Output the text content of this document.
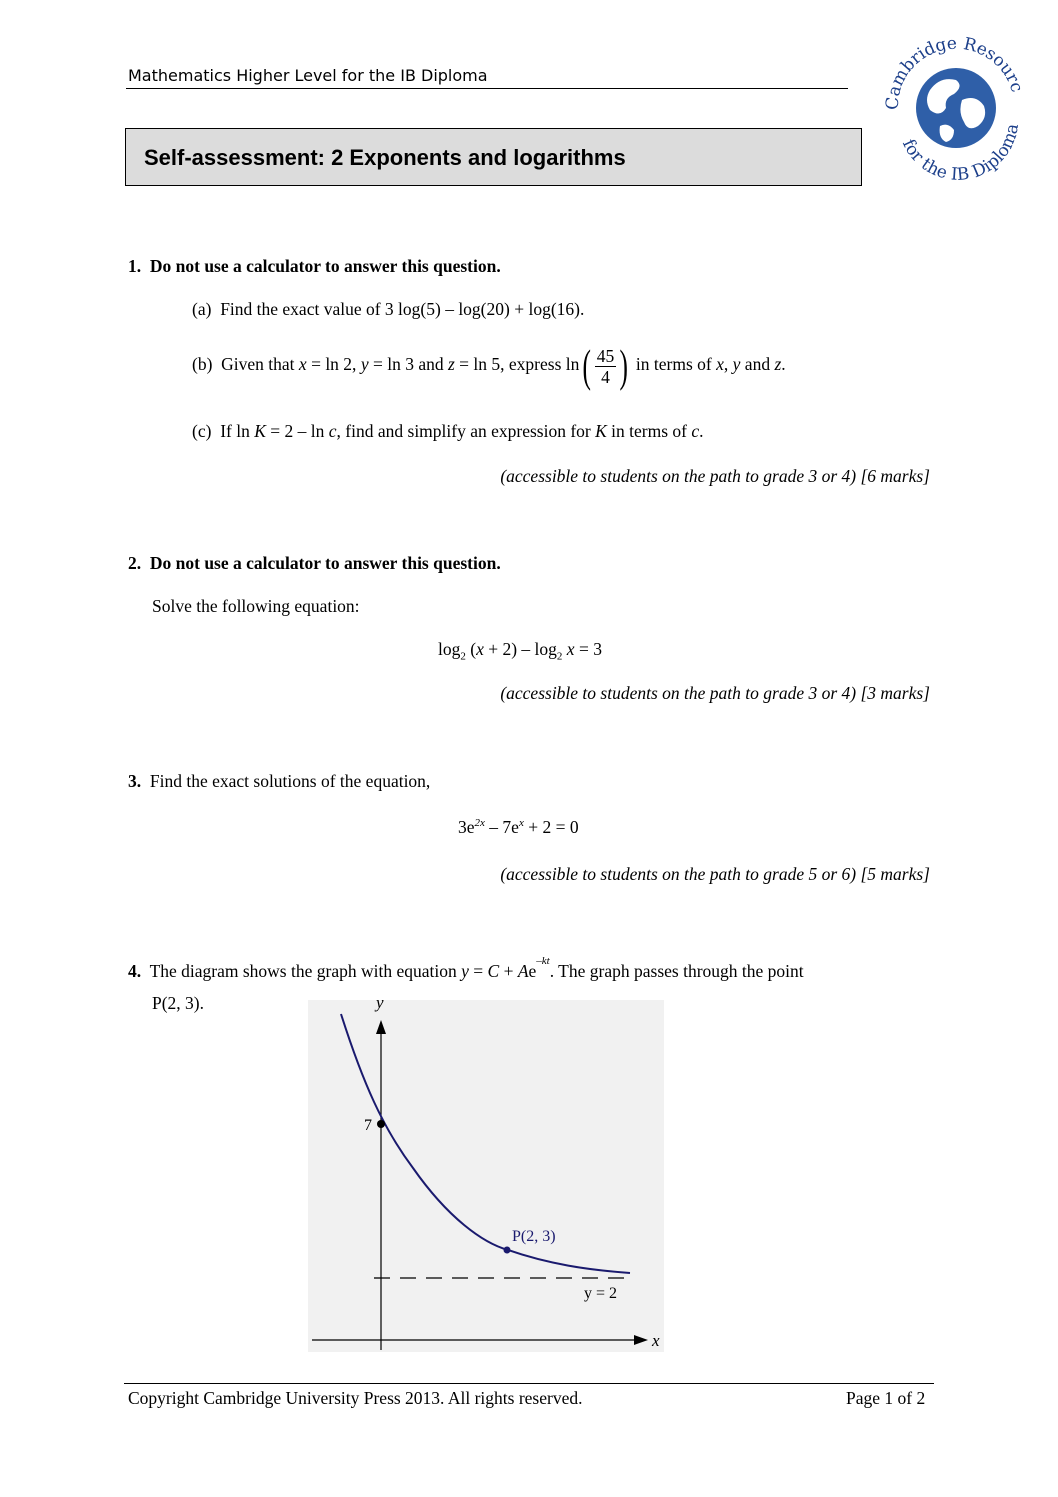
Mathematics Higher Level for the IB Diploma
Cambridge Resourc
for the IB Diploma
Self-assessment: 2 Exponents and logarithms
1. Do not use a calculator to answer this question.
(a) Find the exact value of 3 log(5) – log(20) + log(16).
(b) Given that x = ln 2, y = ln 3 and z = ln 5, express $\ln( \frac{45}{4}$ ) in terms of x, y and z.
(c) If ln K = 2 – ln c, find and simplify an expression for K in terms of c.
(accessible to students on the path to grade 3 or 4) [6 marks]
2. Do not use a calculator to answer this question.
Solve the following equation:
$\log_2 (x + 2) - \log_2 x = 3$
(accessible to students on the path to grade 3 or 4) [3 marks]
3. Find the exact solutions of the equation,
$3e^{2x} - 7e^x + 2 = 0$
(accessible to students on the path to grade 5 or 6) [5 marks]
4. The diagram shows the graph with equation $y = C + Ae^{-kt}$. The graph passes through the point
P(2, 3).	y
x
y = 2
7
P(2, 3)
Copyright Cambridge University Press 2013. All rights reserved.	Page 1 of 2
